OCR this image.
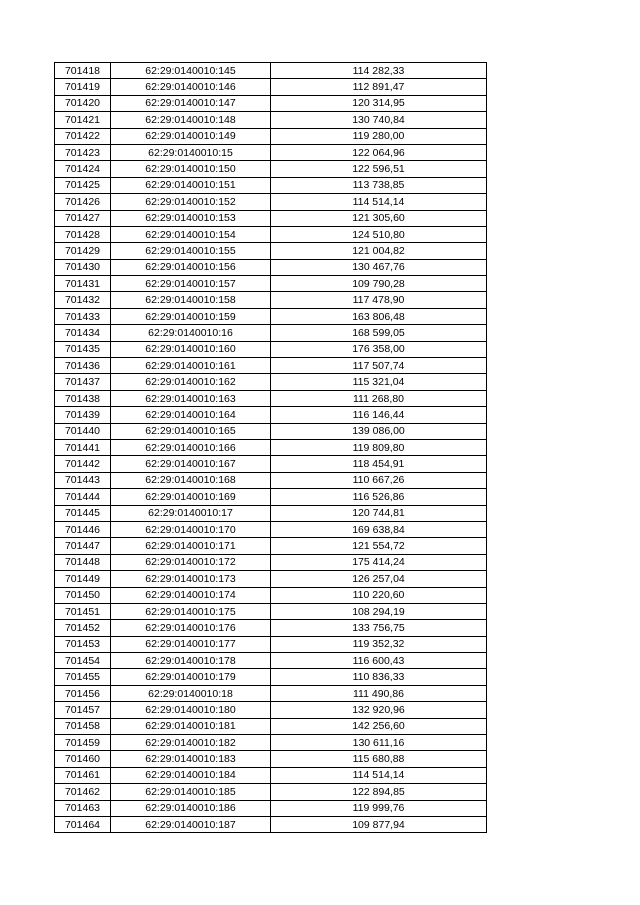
701418	62:29:0140010:145	114 282,33
701419	62:29:0140010:146	112 891,47
701420	62:29:0140010:147	120 314,95
701421	62:29:0140010:148	130 740,84
701422	62:29:0140010:149	119 280,00
701423	62:29:0140010:15	122 064,96
701424	62:29:0140010:150	122 596,51
701425	62:29:0140010:151	113 738,85
701426	62:29:0140010:152	114 514,14
701427	62:29:0140010:153	121 305,60
701428	62:29:0140010:154	124 510,80
701429	62:29:0140010:155	121 004,82
701430	62:29:0140010:156	130 467,76
701431	62:29:0140010:157	109 790,28
701432	62:29:0140010:158	117 478,90
701433	62:29:0140010:159	163 806,48
701434	62:29:0140010:16	168 599,05
701435	62:29:0140010:160	176 358,00
701436	62:29:0140010:161	117 507,74
701437	62:29:0140010:162	115 321,04
701438	62:29:0140010:163	111 268,80
701439	62:29:0140010:164	116 146,44
701440	62:29:0140010:165	139 086,00
701441	62:29:0140010:166	119 809,80
701442	62:29:0140010:167	118 454,91
701443	62:29:0140010:168	110 667,26
701444	62:29:0140010:169	116 526,86
701445	62:29:0140010:17	120 744,81
701446	62:29:0140010:170	169 638,84
701447	62:29:0140010:171	121 554,72
701448	62:29:0140010:172	175 414,24
701449	62:29:0140010:173	126 257,04
701450	62:29:0140010:174	110 220,60
701451	62:29:0140010:175	108 294,19
701452	62:29:0140010:176	133 756,75
701453	62:29:0140010:177	119 352,32
701454	62:29:0140010:178	116 600,43
701455	62:29:0140010:179	110 836,33
701456	62:29:0140010:18	111 490,86
701457	62:29:0140010:180	132 920,96
701458	62:29:0140010:181	142 256,60
701459	62:29:0140010:182	130 611,16
701460	62:29:0140010:183	115 680,88
701461	62:29:0140010:184	114 514,14
701462	62:29:0140010:185	122 894,85
701463	62:29:0140010:186	119 999,76
701464	62:29:0140010:187	109 877,94
